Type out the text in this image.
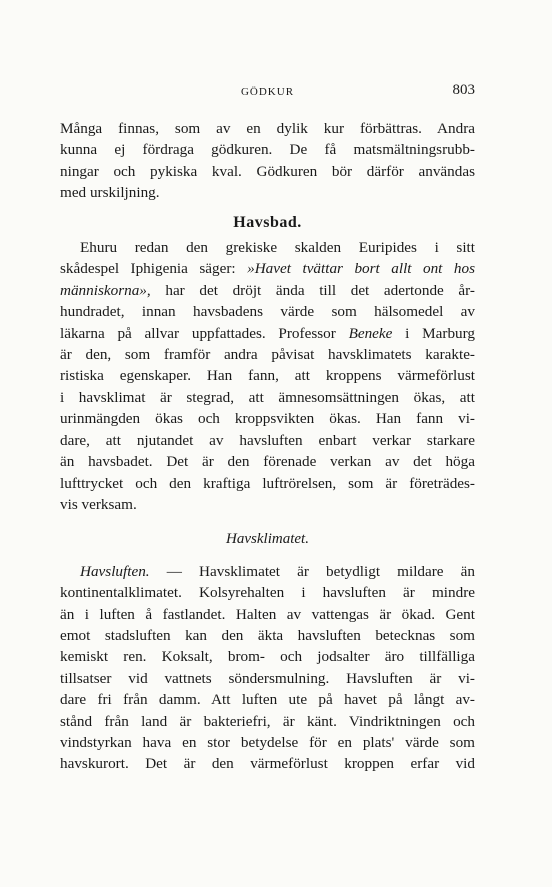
GÖDKUR	803
Många finnas, som av en dylik kur förbättras. Andra
kunna ej fördraga gödkuren. De få matsmältningsrubb-
ningar och pykiska kval. Gödkuren bör därför användas
med urskiljning.
Havsbad.
Ehuru redan den grekiske skalden Euripides i sitt
skådespel Iphigenia säger: »Havet tvättar bort allt ont hos
människorna», har det dröjt ända till det adertonde år-
hundradet, innan havsbadens värde som hälsomedel av
läkarna på allvar uppfattades. Professor Beneke i Marburg
är den, som framför andra påvisat havsklimatets karakte-
ristiska egenskaper. Han fann, att kroppens värmeförlust
i havsklimat är stegrad, att ämnesomsättningen ökas, att
urinmängden ökas och kroppsvikten ökas. Han fann vi-
dare, att njutandet av havsluften enbart verkar starkare
än havsbadet. Det är den förenade verkan av det höga
lufttrycket och den kraftiga luftrörelsen, som är företrädes-
vis verksam.
Havsklimatet.
Havsluften. — Havsklimatet är betydligt mildare än
kontinentalklimatet. Kolsyrehalten i havsluften är mindre
än i luften å fastlandet. Halten av vattengas är ökad. Gent
emot stadsluften kan den äkta havsluften betecknas som
kemiskt ren. Koksalt, brom- och jodsalter äro tillfälliga
tillsatser vid vattnets söndersmulning. Havsluften är vi-
dare fri från damm. Att luften ute på havet på långt av-
stånd från land är bakteriefri, är känt. Vindriktningen och
vindstyrkan hava en stor betydelse för en plats' värde som
havskurort. Det är den värmeförlust kroppen erfar vid
